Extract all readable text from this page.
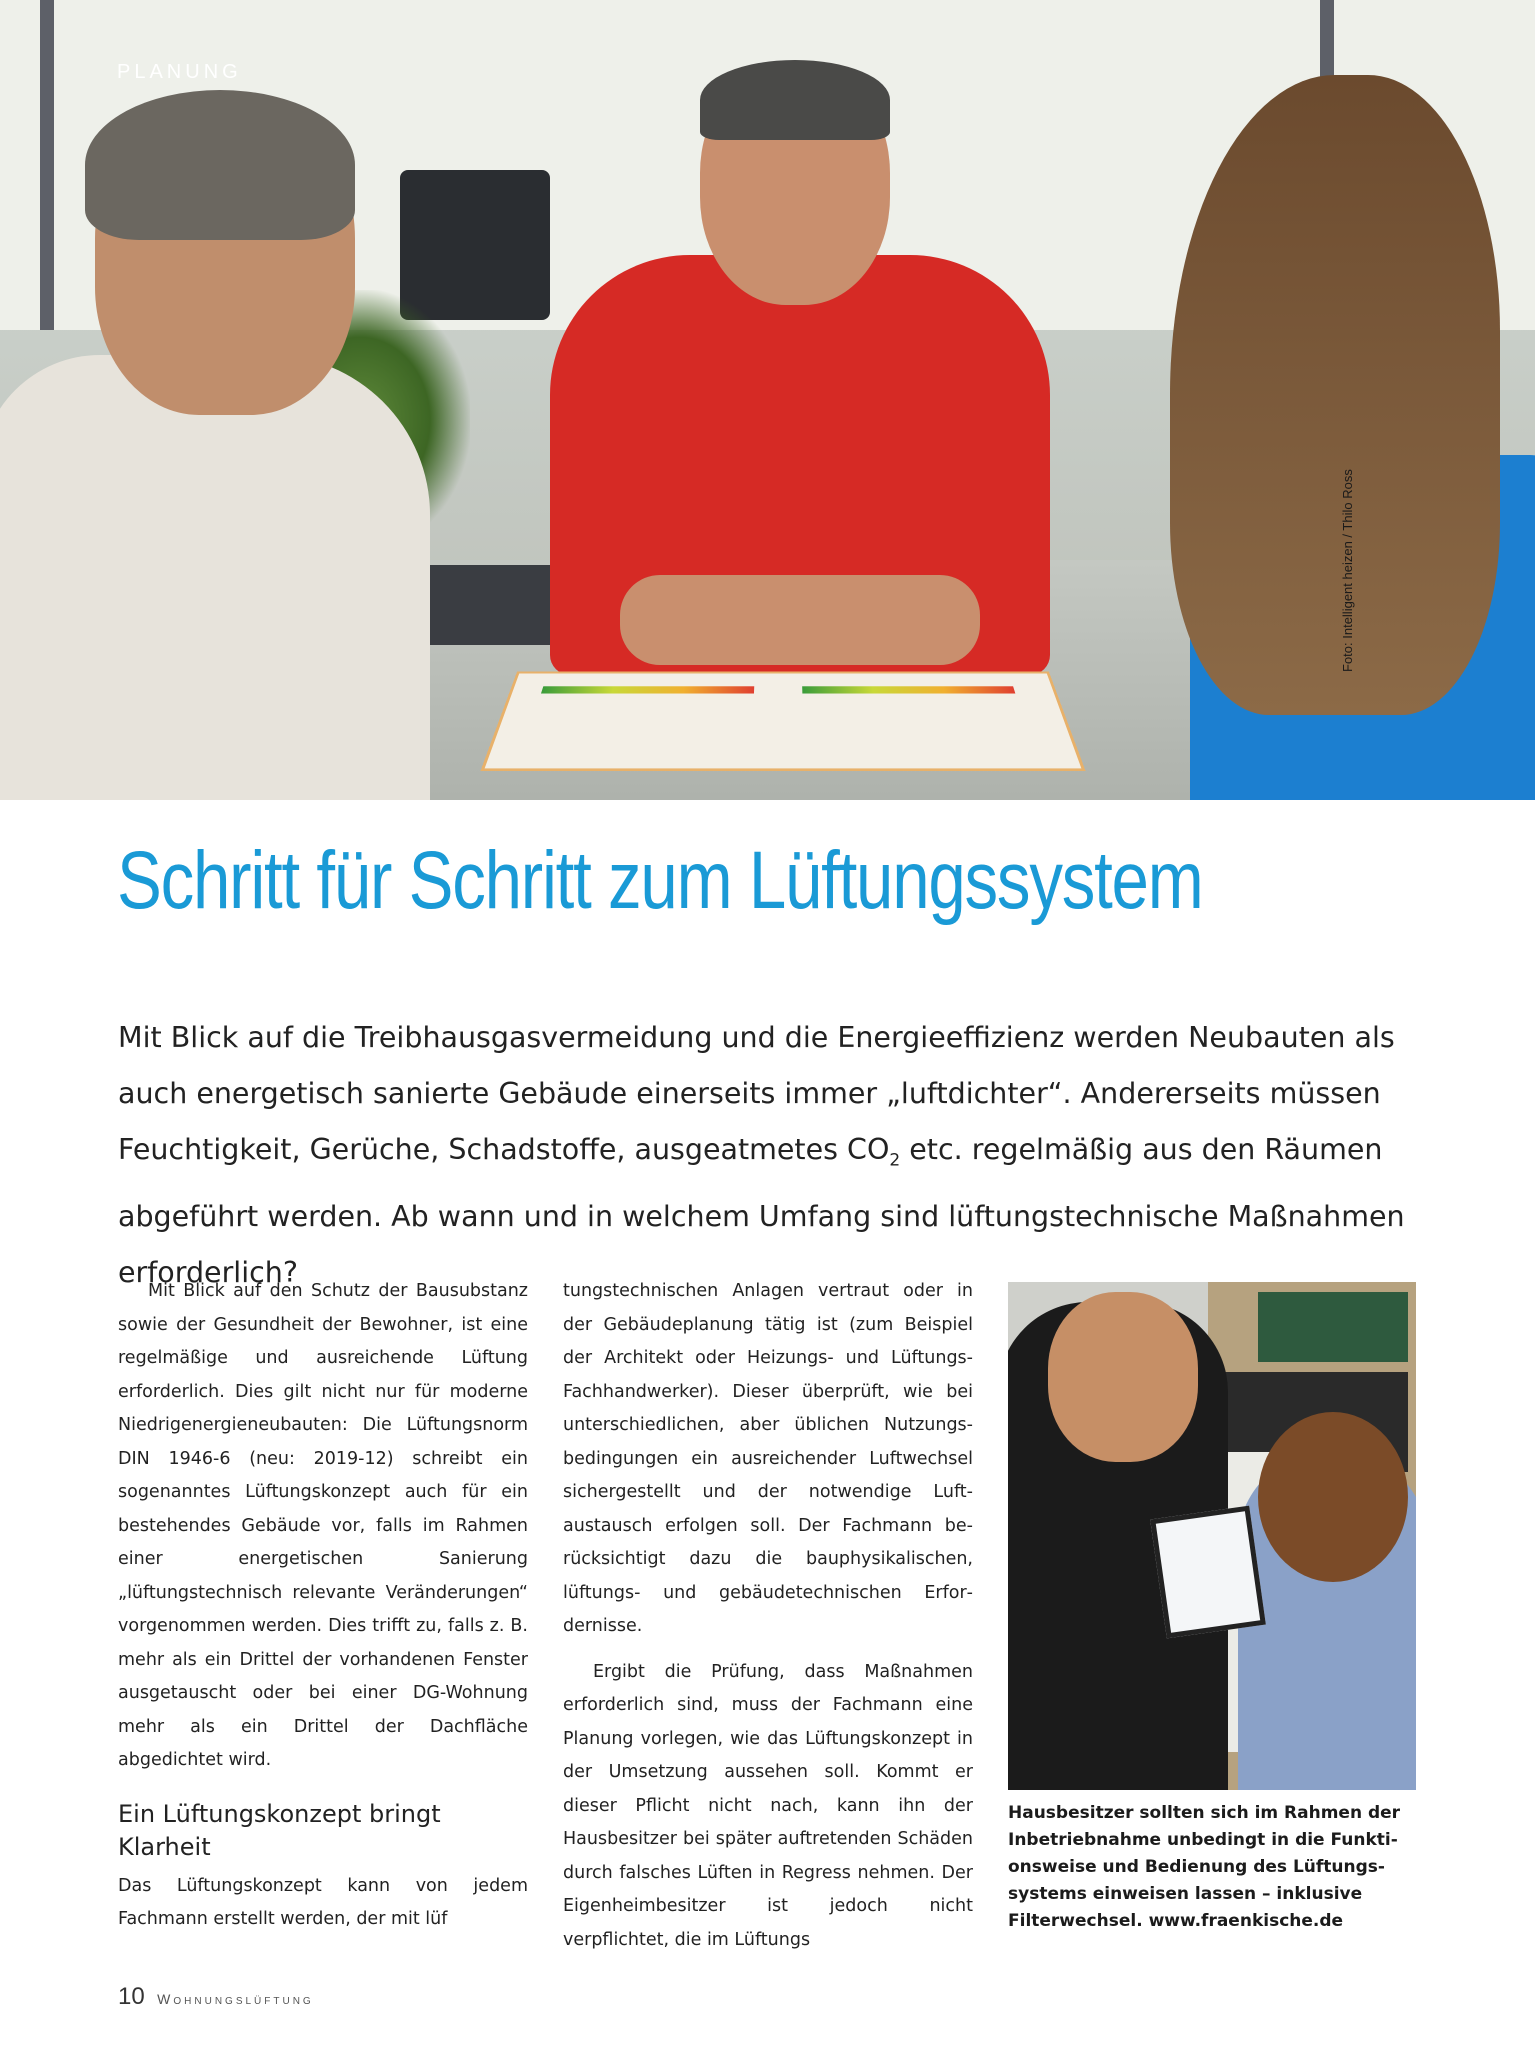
PLANUNG

Foto: Intelligent heizen / Thilo Ross
Schritt für Schritt zum Lüftungssystem

Mit Blick auf die Treibhausgasvermeidung und die Energieeffizienz werden Neubauten als auch energetisch sanierte Gebäude einerseits immer „luftdichter“. Andererseits müssen Feuchtigkeit, Gerüche, Schadstoffe, ausgeatmetes $CO_2$ etc. regelmäßig aus den Räumen abgeführt werden. Ab wann und in welchem Umfang sind lüftungstechnische Maßnahmen erforderlich?

Mit Blick auf den Schutz der Bausubstanz sowie der Gesundheit der Bewohner, ist eine regelmäßige und ausreichende Lüftung erforderlich. Dies gilt nicht nur für moderne Niedrigenergieneubauten: Die Lüftungsnorm DIN 1946-6 (neu: 2019-12) schreibt ein sogenanntes Lüftungskonzept auch für ein bestehendes Gebäude vor, falls im Rahmen einer energetischen Sanierung „lüftungstechnisch relevante Veränderungen“ vorgenommen werden. Dies trifft zu, falls z. B. mehr als ein Drittel der vorhandenen Fenster ausgetauscht oder bei einer DG-Wohnung mehr als ein Drittel der Dachfläche abgedichtet wird.

Ein Lüftungskonzept bringt Klarheit

Das Lüftungskonzept kann von jedem Fachmann erstellt werden, der mit lüf

tungstechnischen Anlagen vertraut oder in der Gebäudeplanung tätig ist (zum Beispiel der Architekt oder Heizungs- und Lüftungs-Fachhandwerker). Dieser überprüft, wie bei unterschiedlichen, aber üblichen Nutzungsbedingungen ein ausreichender Luftwechsel sichergestellt und der notwendige Luftaustausch erfolgen soll. Der Fachmann berücksichtigt dazu die bauphysikalischen, lüftungs- und gebäudetechnischen Erfordernisse.

Ergibt die Prüfung, dass Maßnahmen erforderlich sind, muss der Fachmann eine Planung vorlegen, wie das Lüftungskonzept in der Umsetzung aussehen soll. Kommt er dieser Pflicht nicht nach, kann ihn der Hausbesitzer bei später auftretenden Schäden durch falsches Lüften in Regress nehmen. Der Eigenheimbesitzer ist jedoch nicht verpflichtet, die im Lüftungs

Hausbesitzer sollten sich im Rahmen der Inbetriebnahme unbedingt in die Funktionsweise und Bedienung des Lüftungssystems einweisen lassen – inklusive Filterwechsel. www.fraenkische.de

10 Wohnungslüftung
